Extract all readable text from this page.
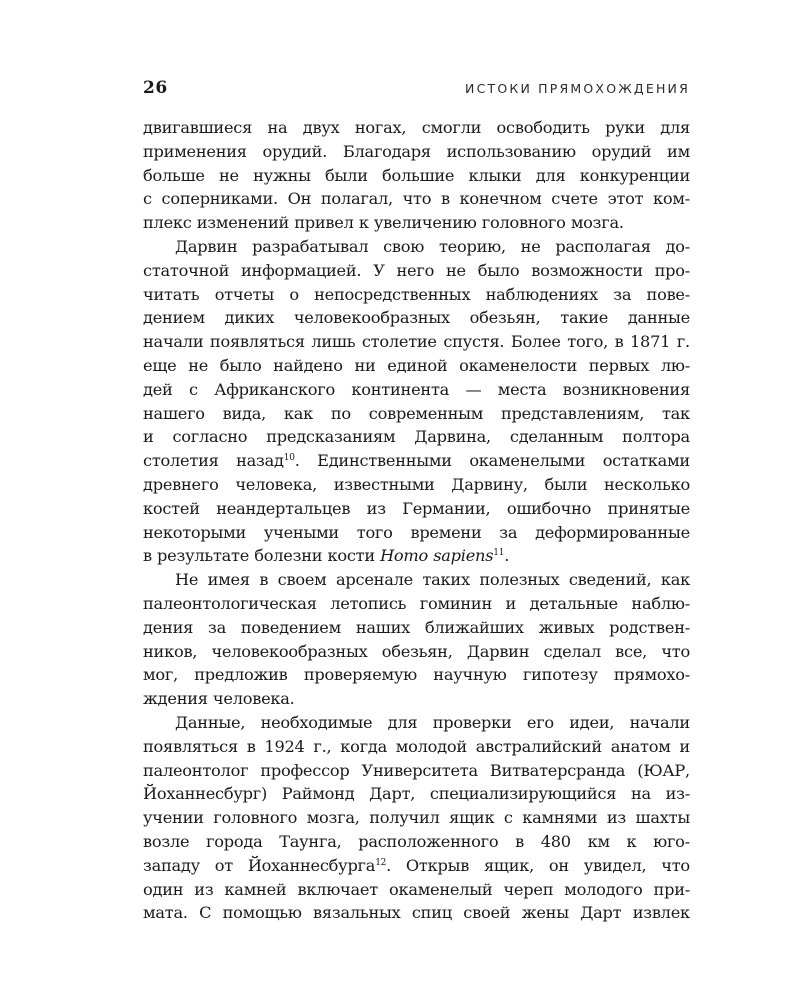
26	ИСТОКИ ПРЯМОХОЖДЕНИЯ
двигавшиеся на двух ногах, смогли освободить руки для
применения орудий. Благодаря использованию орудий им
больше не нужны были большие клыки для конкуренции
с соперниками. Он полагал, что в конечном счете этот ком-
плекс изменений привел к увеличению головного мозга.
Дарвин разрабатывал свою теорию, не располагая до-
статочной информацией. У него не было возможности про-
читать отчеты о непосредственных наблюдениях за пове-
дением диких человекообразных обезьян, такие данные
начали появляться лишь столетие спустя. Более того, в 1871 г.
еще не было найдено ни единой окаменелости первых лю-
дей с Африканского континента — места возникновения
нашего вида, как по современным представлениям, так
и согласно предсказаниям Дарвина, сделанным полтора
столетия назад$^{10}$. Единственными окаменелыми остатками
древнего человека, известными Дарвину, были несколько
костей неандертальцев из Германии, ошибочно принятые
некоторыми учеными того времени за деформированные
в результате болезни кости Homo sapiens$^{11}$.
Не имея в своем арсенале таких полезных сведений, как
палеонтологическая летопись гоминин и детальные наблю-
дения за поведением наших ближайших живых родствен-
ников, человекообразных обезьян, Дарвин сделал все, что
мог, предложив проверяемую научную гипотезу прямохо-
ждения человека.
Данные, необходимые для проверки его идеи, начали
появляться в 1924 г., когда молодой австралийский анатом и
палеонтолог профессор Университета Витватерсранда (ЮАР,
Йоханнесбург) Раймонд Дарт, специализирующийся на из-
учении головного мозга, получил ящик с камнями из шахты
возле города Таунга, расположенного в 480 км к юго-
западу от Йоханнесбурга$^{12}$. Открыв ящик, он увидел, что
один из камней включает окаменелый череп молодого при-
мата. С помощью вязальных спиц своей жены Дарт извлек
